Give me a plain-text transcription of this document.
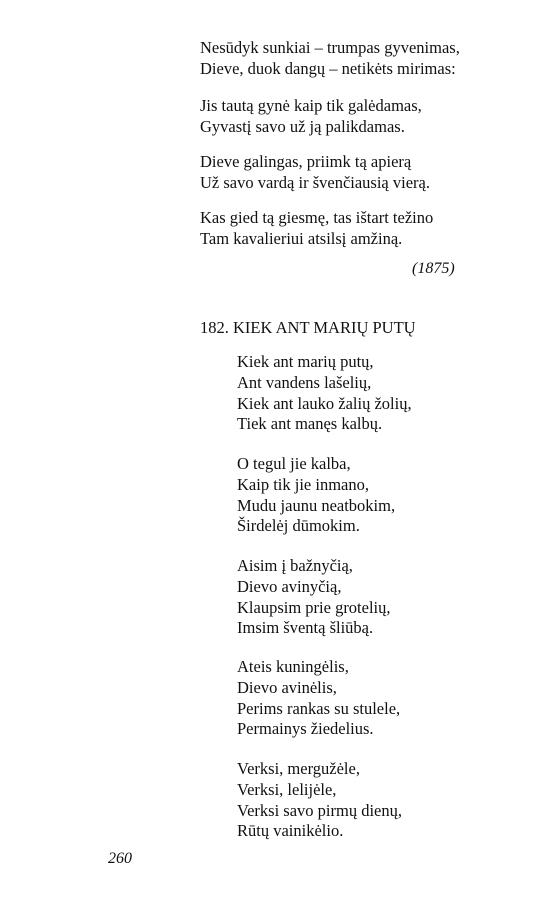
Nesūdyk sunkiai – trumpas gyvenimas,
Dieve, duok dangų – netikėts mirimas:
Jis tautą gynė kaip tik galėdamas,
Gyvastį savo už ją palikdamas.
Dieve galingas, priimk tą apierą
Už savo vardą ir švenčiausią vierą.
Kas gied tą giesmę, tas ištart težino
Tam kavalieriui atsilsį amžiną.
(1875)
182. KIEK ANT MARIŲ PUTŲ
Kiek ant marių putų,
Ant vandens lašelių,
Kiek ant lauko žalių žolių,
Tiek ant manęs kalbų.
O tegul jie kalba,
Kaip tik jie inmano,
Mudu jaunu neatbokim,
Širdelėj dūmokim.
Aisim į bažnyčią,
Dievo avinyčią,
Klaupsim prie grotelių,
Imsim šventą šliūbą.
Ateis kuningėlis,
Dievo avinėlis,
Perims rankas su stulele,
Permainys žiedelius.
Verksi, mergužėle,
Verksi, lelijėle,
Verksi savo pirmų dienų,
Rūtų vainikėlio.
260
